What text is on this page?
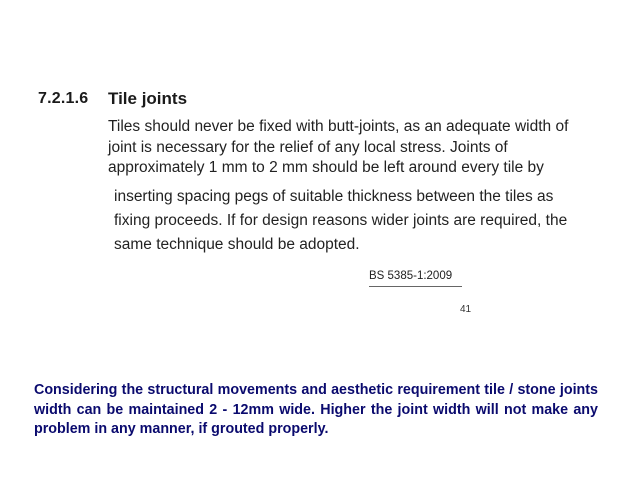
7.2.1.6 Tile joints
Tiles should never be fixed with butt-joints, as an adequate width of
joint is necessary for the relief of any local stress. Joints of
approximately 1 mm to 2 mm should be left around every tile by
inserting spacing pegs of suitable thickness between the tiles as
fixing proceeds. If for design reasons wider joints are required, the
same technique should be adopted.
BS 5385-1:2009
41
Considering the structural movements and aesthetic requirement tile / stone joints width can be maintained 2 - 12mm wide. Higher the joint width will not make any problem in any manner, if grouted properly.
